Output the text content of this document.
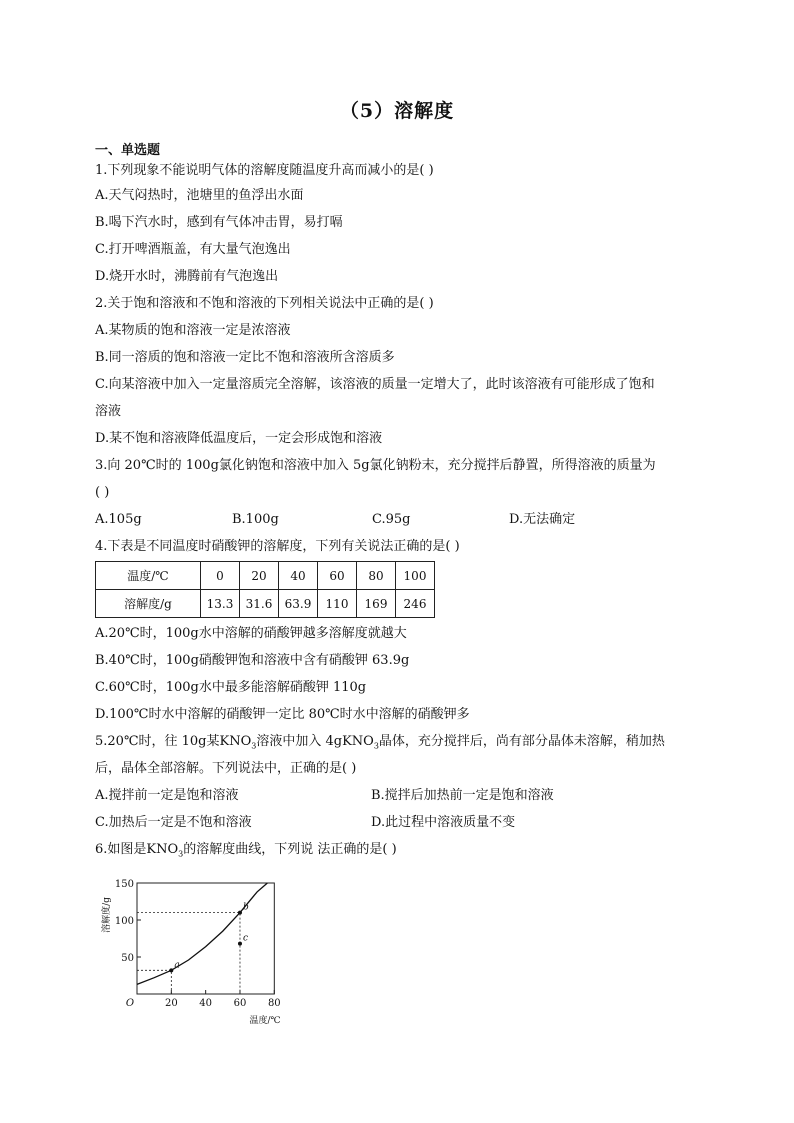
（5）溶解度
一、单选题
1.下列现象不能说明气体的溶解度随温度升高而减小的是( )
A.天气闷热时，池塘里的鱼浮出水面
B.喝下汽水时，感到有气体冲击胃，易打嗝
C.打开啤酒瓶盖，有大量气泡逸出
D.烧开水时，沸腾前有气泡逸出
2.关于饱和溶液和不饱和溶液的下列相关说法中正确的是( )
A.某物质的饱和溶液一定是浓溶液
B.同一溶质的饱和溶液一定比不饱和溶液所含溶质多
C.向某溶液中加入一定量溶质完全溶解，该溶液的质量一定增大了，此时该溶液有可能形成了饱和
溶液
D.某不饱和溶液降低温度后，一定会形成饱和溶液
3.向 20℃时的 100g氯化钠饱和溶液中加入 5g氯化钠粉末，充分搅拌后静置，所得溶液的质量为
( )
A.105g	B.100g	C.95g	D.无法确定
4.下表是不同温度时硝酸钾的溶解度，下列有关说法正确的是( )
温度/℃	0	20	40	60	80	100
溶解度/g	13.3	31.6	63.9	110	169	246
A.20℃时，100g水中溶解的硝酸钾越多溶解度就越大
B.40℃时，100g硝酸钾饱和溶液中含有硝酸钾 63.9g
C.60℃时，100g水中最多能溶解硝酸钾 110g
D.100℃时水中溶解的硝酸钾一定比 80℃时水中溶解的硝酸钾多
5.20℃时，往 10g某$KNO_3$溶液中加入 4gKNO$_3$晶体，充分搅拌后，尚有部分晶体未溶解，稍加热
后，晶体全部溶解。下列说法中，正确的是( )
A.搅拌前一定是饱和溶液	B.搅拌后加热前一定是饱和溶液
C.加热后一定是不饱和溶液	D.此过程中溶液质量不变
6.如图是$KNO_3$的溶解度曲线，下列说 法正确的是( )
50
100
150
20 40 60 80
O
温度/℃
溶解度/g
a
b
c
